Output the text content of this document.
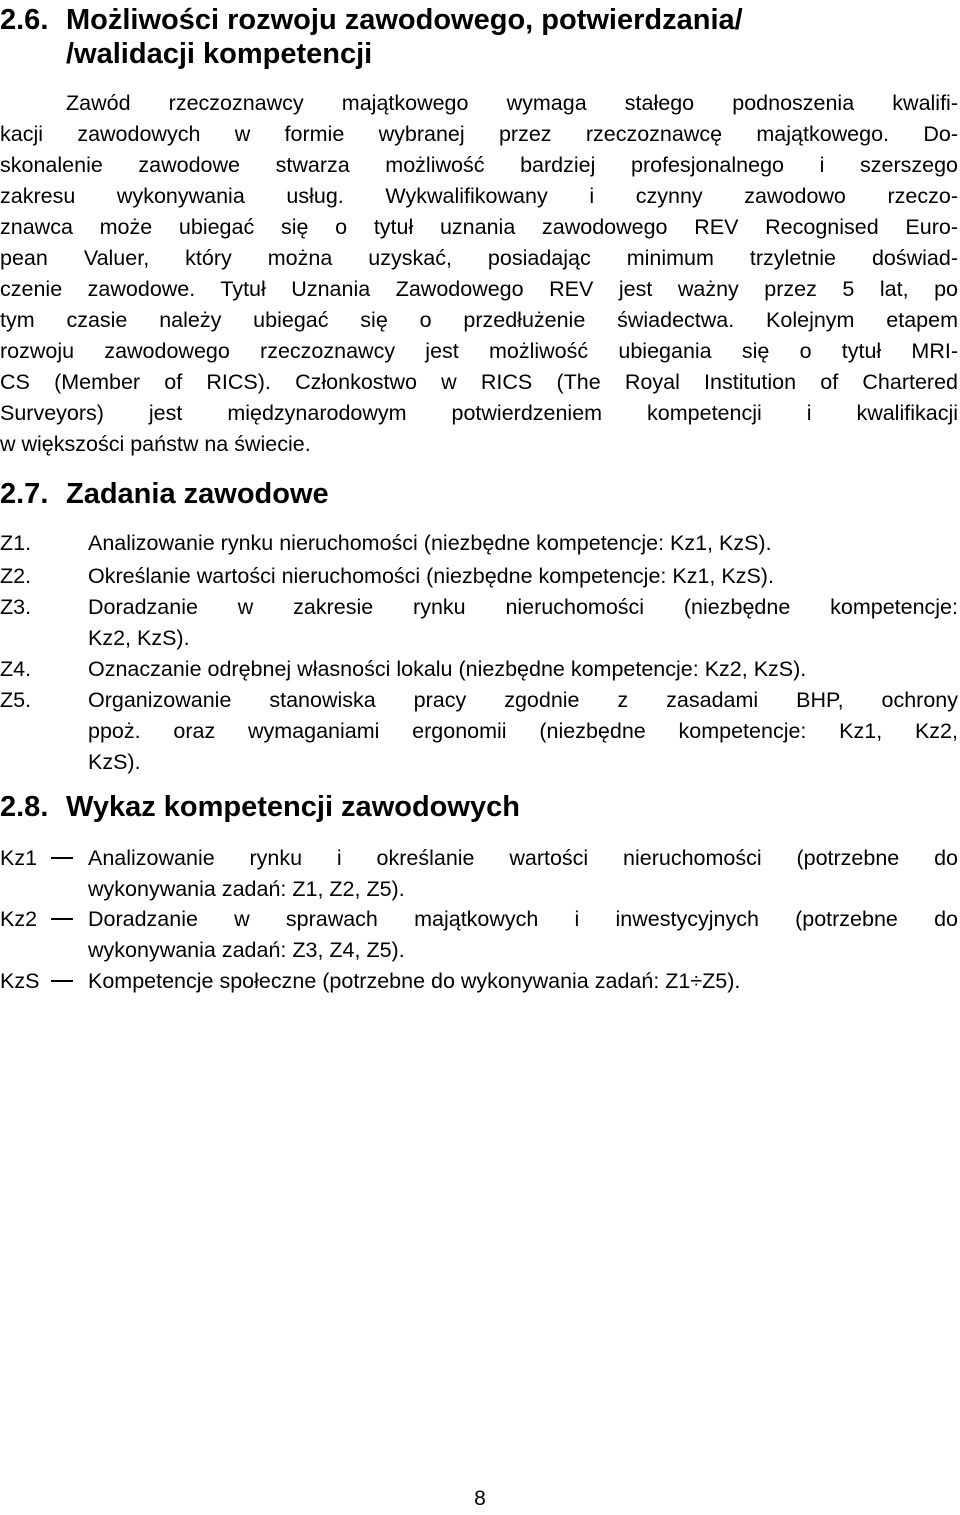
2.6. Możliwości rozwoju zawodowego, potwierdzania/
/walidacji kompetencji
Zawód rzeczoznawcy majątkowego wymaga stałego podnoszenia kwalifi-
kacji zawodowych w formie wybranej przez rzeczoznawcę majątkowego. Do-
skonalenie zawodowe stwarza możliwość bardziej profesjonalnego i szerszego
zakresu wykonywania usług. Wykwalifikowany i czynny zawodowo rzeczo-
znawca może ubiegać się o tytuł uznania zawodowego REV Recognised Euro-
pean Valuer, który można uzyskać, posiadając minimum trzyletnie doświad-
czenie zawodowe. Tytuł Uznania Zawodowego REV jest ważny przez 5 lat, po
tym czasie należy ubiegać się o przedłużenie świadectwa. Kolejnym etapem
rozwoju zawodowego rzeczoznawcy jest możliwość ubiegania się o tytuł MRI-
CS (Member of RICS). Członkostwo w RICS (The Royal Institution of Chartered
Surveyors) jest międzynarodowym potwierdzeniem kompetencji i kwalifikacji
w większości państw na świecie.
2.7. Zadania zawodowe
Z1.	Analizowanie rynku nieruchomości (niezbędne kompetencje: Kz1, KzS).
Z2.	Określanie wartości nieruchomości (niezbędne kompetencje: Kz1, KzS).
Z3.	Doradzanie w zakresie rynku nieruchomości (niezbędne kompetencje:
Kz2, KzS).
Z4.	Oznaczanie odrębnej własności lokalu (niezbędne kompetencje: Kz2, KzS).
Z5.	Organizowanie stanowiska pracy zgodnie z zasadami BHP, ochrony
ppoż. oraz wymaganiami ergonomii (niezbędne kompetencje: Kz1, Kz2,
KzS).
2.8. Wykaz kompetencji zawodowych
Kz1 Analizowanie rynku i określanie wartości nieruchomości (potrzebne do
wykonywania zadań: Z1, Z2, Z5).
Kz2 Doradzanie w sprawach majątkowych i inwestycyjnych (potrzebne do
wykonywania zadań: Z3, Z4, Z5).
KzS Kompetencje społeczne (potrzebne do wykonywania zadań: Z1÷Z5).
8
